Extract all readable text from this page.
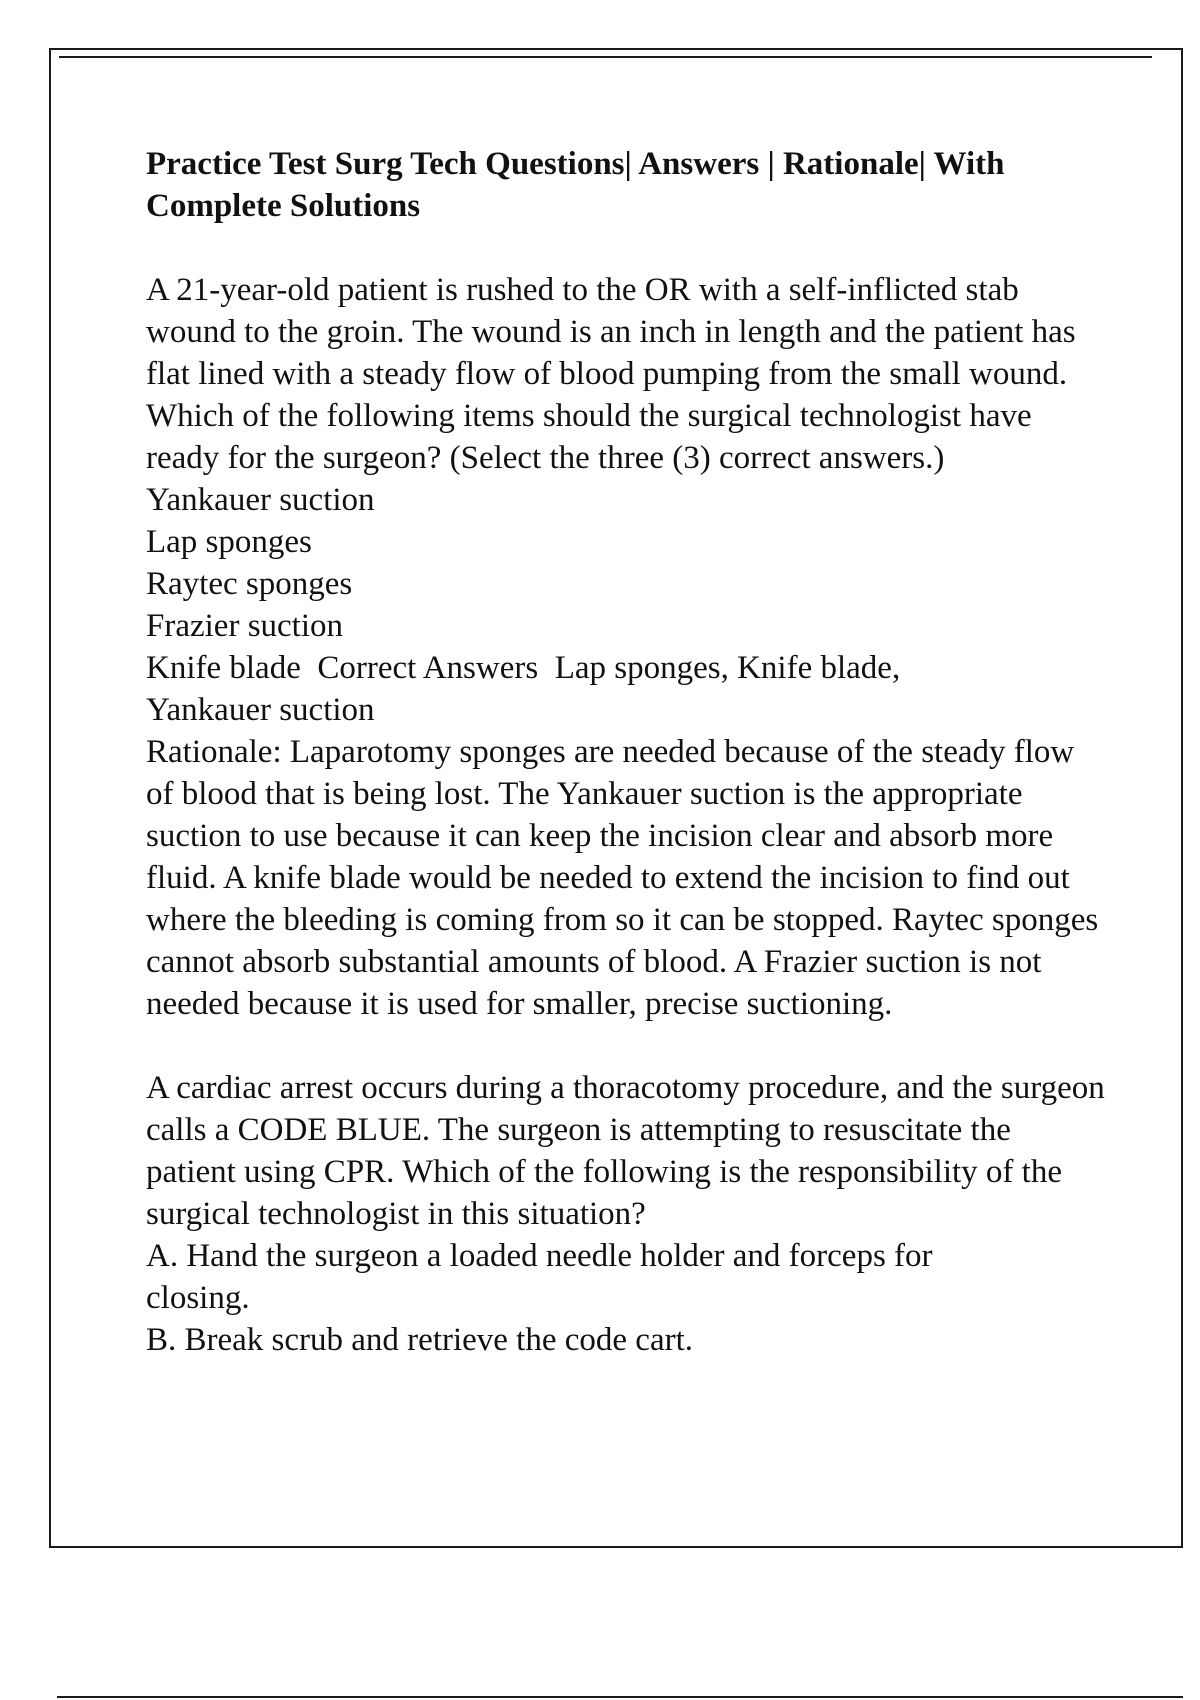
Practice Test Surg Tech Questions| Answers | Rationale| With Complete Solutions

A 21-year-old patient is rushed to the OR with a self-inflicted stab wound to the groin. The wound is an inch in length and the patient has flat lined with a steady flow of blood pumping from the small wound. Which of the following items should the surgical technologist have ready for the surgeon? (Select the three (3) correct answers.)

Yankauer suction
Lap sponges
Raytec sponges
Frazier suction
Knife blade  Correct Answers  Lap sponges, Knife blade, Yankauer suction

Rationale: Laparotomy sponges are needed because of the steady flow of blood that is being lost. The Yankauer suction is the appropriate suction to use because it can keep the incision clear and absorb more fluid. A knife blade would be needed to extend the incision to find out where the bleeding is coming from so it can be stopped. Raytec sponges cannot absorb substantial amounts of blood. A Frazier suction is not needed because it is used for smaller, precise suctioning.

A cardiac arrest occurs during a thoracotomy procedure, and the surgeon calls a CODE BLUE. The surgeon is attempting to resuscitate the patient using CPR. Which of the following is the responsibility of the surgical technologist in this situation?

A. Hand the surgeon a loaded needle holder and forceps for closing.
B. Break scrub and retrieve the code cart.
